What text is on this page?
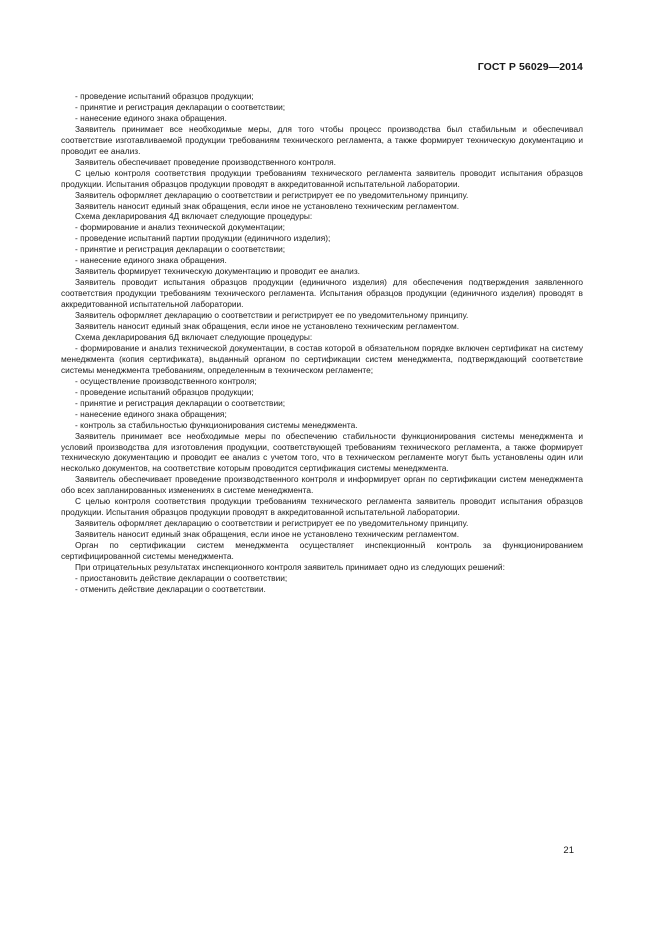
ГОСТ Р 56029—2014

- проведение испытаний образцов продукции;

- принятие и регистрация декларации о соответствии;

- нанесение единого знака обращения.

Заявитель принимает все необходимые меры, для того чтобы процесс производства был стабильным и обеспечивал соответствие изготавливаемой продукции требованиям технического регламента, а также формирует техническую документацию и проводит ее анализ.

Заявитель обеспечивает проведение производственного контроля.

С целью контроля соответствия продукции требованиям технического регламента заявитель проводит испытания образцов продукции. Испытания образцов продукции проводят в аккредитованной испытательной лаборатории.

Заявитель оформляет декларацию о соответствии и регистрирует ее по уведомительному принципу.

Заявитель наносит единый знак обращения, если иное не установлено техническим регламентом.

Схема декларирования 4Д включает следующие процедуры:

- формирование и анализ технической документации;

- проведение испытаний партии продукции (единичного изделия);

- принятие и регистрация декларации о соответствии;

- нанесение единого знака обращения.

Заявитель формирует техническую документацию и проводит ее анализ.

Заявитель проводит испытания образцов продукции (единичного изделия) для обеспечения подтверждения заявленного соответствия продукции требованиям технического регламента. Испытания образцов продукции (единичного изделия) проводят в аккредитованной испытательной лаборатории.

Заявитель оформляет декларацию о соответствии и регистрирует ее по уведомительному принципу.

Заявитель наносит единый знак обращения, если иное не установлено техническим регламентом.

Схема декларирования 6Д включает следующие процедуры:

- формирование и анализ технической документации, в состав которой в обязательном порядке включен сертификат на систему менеджмента (копия сертификата), выданный органом по сертификации систем менеджмента, подтверждающий соответствие системы менеджмента требованиям, определенным в техническом регламенте;

- осуществление производственного контроля;

- проведение испытаний образцов продукции;

- принятие и регистрация декларации о соответствии;

- нанесение единого знака обращения;

- контроль за стабильностью функционирования системы менеджмента.

Заявитель принимает все необходимые меры по обеспечению стабильности функционирования системы менеджмента и условий производства для изготовления продукции, соответствующей требованиям технического регламента, а также формирует техническую документацию и проводит ее анализ с учетом того, что в техническом регламенте могут быть установлены один или несколько документов, на соответствие которым проводится сертификация системы менеджмента.

Заявитель обеспечивает проведение производственного контроля и информирует орган по сертификации систем менеджмента обо всех запланированных изменениях в системе менеджмента.

С целью контроля соответствия продукции требованиям технического регламента заявитель проводит испытания образцов продукции. Испытания образцов продукции проводят в аккредитованной испытательной лаборатории.

Заявитель оформляет декларацию о соответствии и регистрирует ее по уведомительному принципу.

Заявитель наносит единый знак обращения, если иное не установлено техническим регламентом.

Орган по сертификации систем менеджмента осуществляет инспекционный контроль за функционированием сертифицированной системы менеджмента.

При отрицательных результатах инспекционного контроля заявитель принимает одно из следующих решений:

- приостановить действие декларации о соответствии;

- отменить действие декларации о соответствии.

21
